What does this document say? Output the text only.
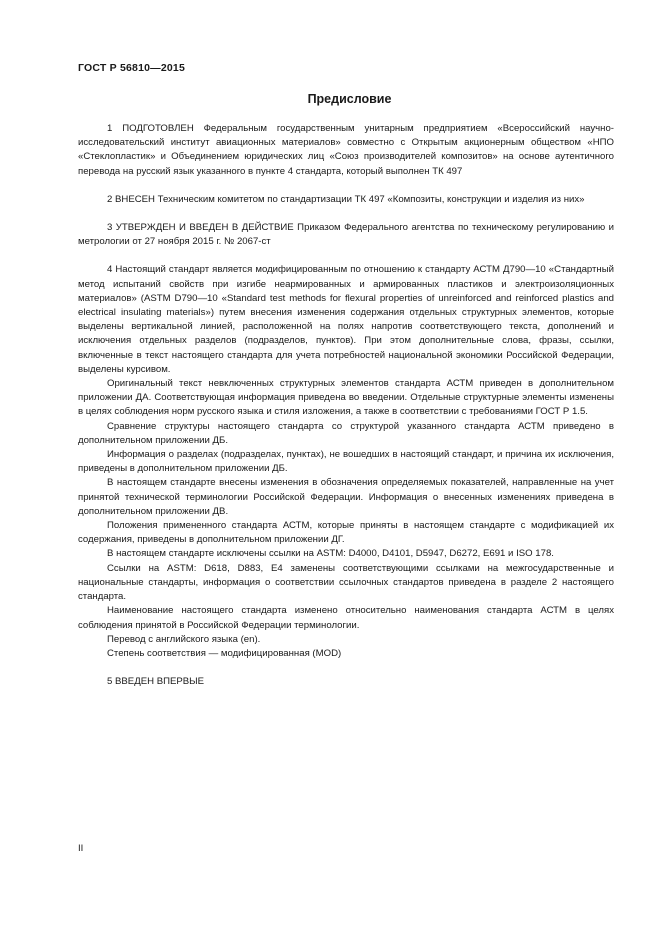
ГОСТ Р 56810—2015
Предисловие

1 ПОДГОТОВЛЕН Федеральным государственным унитарным предприятием «Всероссийский научно-исследовательский институт авиационных материалов» совместно с Открытым акционерным обществом «НПО «Стеклопластик» и Объединением юридических лиц «Союз производителей композитов» на основе аутентичного перевода на русский язык указанного в пункте 4 стандарта, который выполнен ТК 497

2 ВНЕСЕН Техническим комитетом по стандартизации ТК 497 «Композиты, конструкции и изделия из них»

3 УТВЕРЖДЕН И ВВЕДЕН В ДЕЙСТВИЕ Приказом Федерального агентства по техническому регулированию и метрологии от 27 ноября 2015 г. № 2067-ст

4 Настоящий стандарт является модифицированным по отношению к стандарту АСТМ Д790—10 «Стандартный метод испытаний свойств при изгибе неармированных и армированных пластиков и электроизоляционных материалов» (ASTM D790—10 «Standard test methods for flexural properties of unreinforced and reinforced plastics and electrical insulating materials») путем внесения изменения содержания отдельных структурных элементов, которые выделены вертикальной линией, расположенной на полях напротив соответствующего текста, дополнений и исключения отдельных разделов (подразделов, пунктов). При этом дополнительные слова, фразы, ссылки, включенные в текст настоящего стандарта для учета потребностей национальной экономики Российской Федерации, выделены курсивом.

Оригинальный текст невключенных структурных элементов стандарта АСТМ приведен в дополнительном приложении ДА. Соответствующая информация приведена во введении. Отдельные структурные элементы изменены в целях соблюдения норм русского языка и стиля изложения, а также в соответствии с требованиями ГОСТ Р 1.5.

Сравнение структуры настоящего стандарта со структурой указанного стандарта АСТМ приведено в дополнительном приложении ДБ.

Информация о разделах (подразделах, пунктах), не вошедших в настоящий стандарт, и причина их исключения, приведены в дополнительном приложении ДБ.

В настоящем стандарте внесены изменения в обозначения определяемых показателей, направленные на учет принятой технической терминологии Российской Федерации. Информация о внесенных изменениях приведена в дополнительном приложении ДВ.

Положения примененного стандарта АСТМ, которые приняты в настоящем стандарте с модификацией их содержания, приведены в дополнительном приложении ДГ.

В настоящем стандарте исключены ссылки на ASTM: D4000, D4101, D5947, D6272, E691 и ISO 178.

Ссылки на ASTM: D618, D883, E4 заменены соответствующими ссылками на межгосударственные и национальные стандарты, информация о соответствии ссылочных стандартов приведена в разделе 2 настоящего стандарта.

Наименование настоящего стандарта изменено относительно наименования стандарта АСТМ в целях соблюдения принятой в Российской Федерации терминологии.

Перевод с английского языка (en).

Степень соответствия — модифицированная (MOD)

5 ВВЕДЕН ВПЕРВЫЕ

II
